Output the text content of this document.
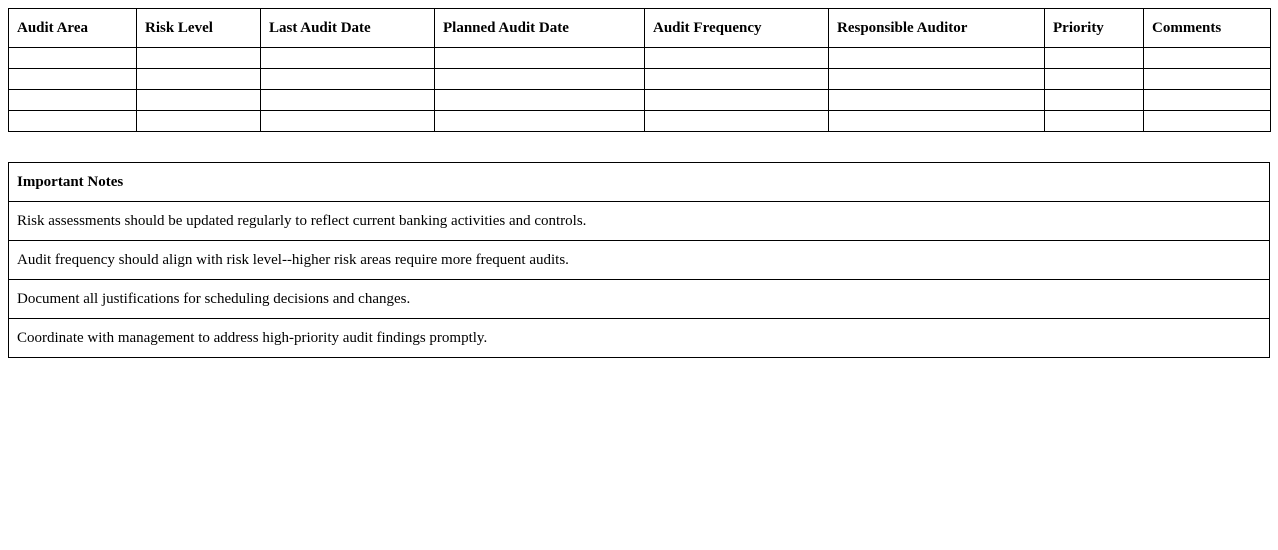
Audit Area	Risk Level	Last Audit Date	Planned Audit Date	Audit Frequency	Responsible Auditor	Priority	Comments

Important Notes
Risk assessments should be updated regularly to reflect current banking activities and controls.
Audit frequency should align with risk level--higher risk areas require more frequent audits.
Document all justifications for scheduling decisions and changes.
Coordinate with management to address high-priority audit findings promptly.
